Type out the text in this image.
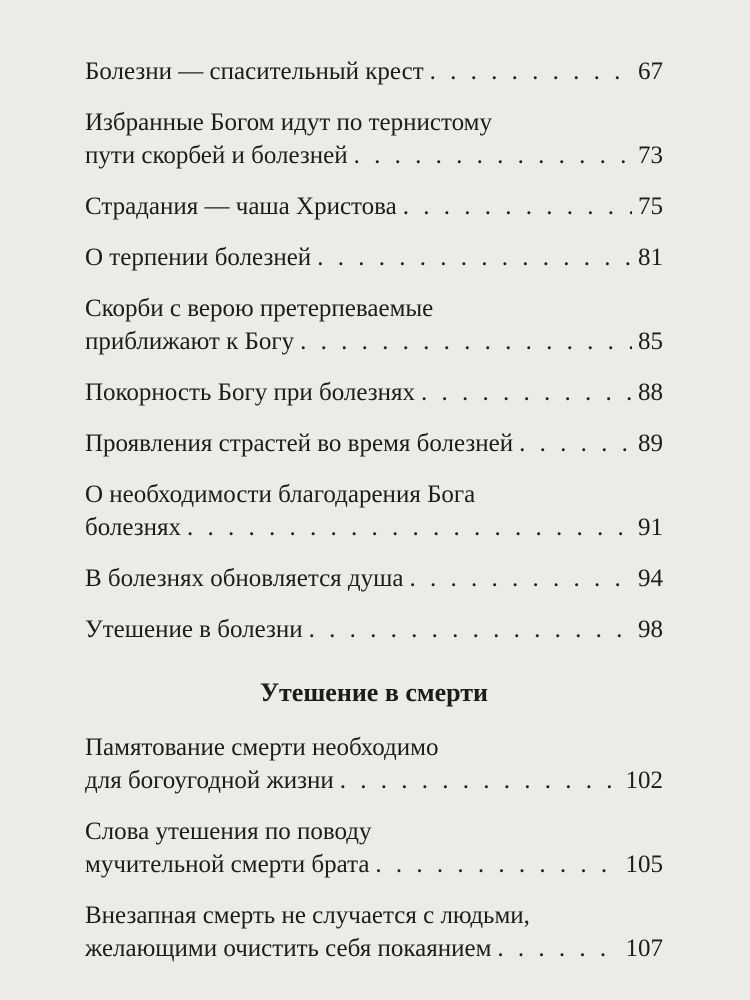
Болезни — спасительный крест . . .	67
Избранные Богом идут по тернистому
пути скорбей и болезней . . .	73
Страдания — чаша Христова . . .	75
О терпении болезней . . .	81
Скорби с верою претерпеваемые
приближают к Богу . . .	85
Покорность Богу при болезнях . . .	88
Проявления страстей во время болезней . . .	89
О необходимости благодарения Бога
болезнях . . .	91
В болезнях обновляется душа . . .	94
Утешение в болезни . . .	98
Утешение в смерти
Памятование смерти необходимо
для богоугодной жизни . . .	102
Слова утешения по поводу
мучительной смерти брата . . .	105
Внезапная смерть не случается с людьми,
желающими очистить себя покаянием . . .	107
